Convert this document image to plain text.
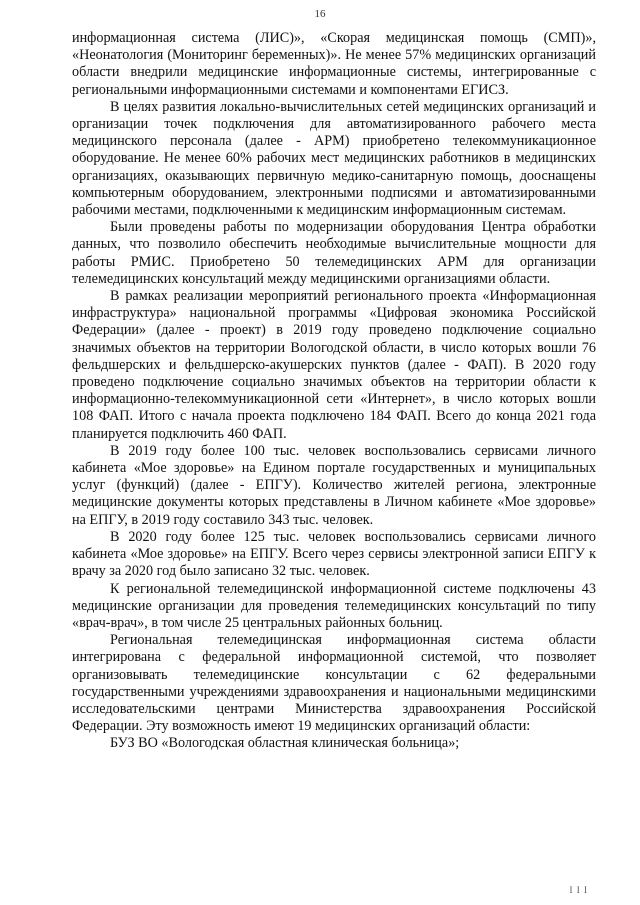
16

информационная система (ЛИС)», «Скорая медицинская помощь (СМП)», «Неонатология (Мониторинг беременных)». Не менее 57% медицинских организаций области внедрили медицинские информационные системы, интегрированные с региональными информационными системами и компонентами ЕГИСЗ.

В целях развития локально-вычислительных сетей медицинских организаций и организации точек подключения для автоматизированного рабочего места медицинского персонала (далее - АРМ) приобретено телекоммуникационное оборудование. Не менее 60% рабочих мест медицинских работников в медицинских организациях, оказывающих первичную медико-санитарную помощь, дооснащены компьютерным оборудованием, электронными подписями и автоматизированными рабочими местами, подключенными к медицинским информационным системам.

Были проведены работы по модернизации оборудования Центра обработки данных, что позволило обеспечить необходимые вычислительные мощности для работы РМИС. Приобретено 50 телемедицинских АРМ для организации телемедицинских консультаций между медицинскими организациями области.

В рамках реализации мероприятий регионального проекта «Информационная инфраструктура» национальной программы «Цифровая экономика Российской Федерации» (далее - проект) в 2019 году проведено подключение социально значимых объектов на территории Вологодской области, в число которых вошли 76 фельдшерских и фельдшерско-акушерских пунктов (далее - ФАП). В 2020 году проведено подключение социально значимых объектов на территории области к информационно-телекоммуникационной сети «Интернет», в число которых вошли 108 ФАП. Итого с начала проекта подключено 184 ФАП. Всего до конца 2021 года планируется подключить 460 ФАП.

В 2019 году более 100 тыс. человек воспользовались сервисами личного кабинета «Мое здоровье» на Едином портале государственных и муниципальных услуг (функций) (далее - ЕПГУ). Количество жителей региона, электронные медицинские документы которых представлены в Личном кабинете «Мое здоровье» на ЕПГУ, в 2019 году составило 343 тыс. человек.

В 2020 году более 125 тыс. человек воспользовались сервисами личного кабинета «Мое здоровье» на ЕПГУ. Всего через сервисы электронной записи ЕПГУ к врачу за 2020 год было записано 32 тыс. человек.

К региональной телемедицинской информационной системе подключены 43 медицинские организации для проведения телемедицинских консультаций по типу «врач-врач», в том числе 25 центральных районных больниц.

Региональная телемедицинская информационная система области интегрирована с федеральной информационной системой, что позволяет организовывать телемедицинские консультации с 62 федеральными государственными учреждениями здравоохранения и национальными медицинскими исследовательскими центрами Министерства здравоохранения Российской Федерации. Эту возможность имеют 19 медицинских организаций области:

БУЗ ВО «Вологодская областная клиническая больница»;

I I I
